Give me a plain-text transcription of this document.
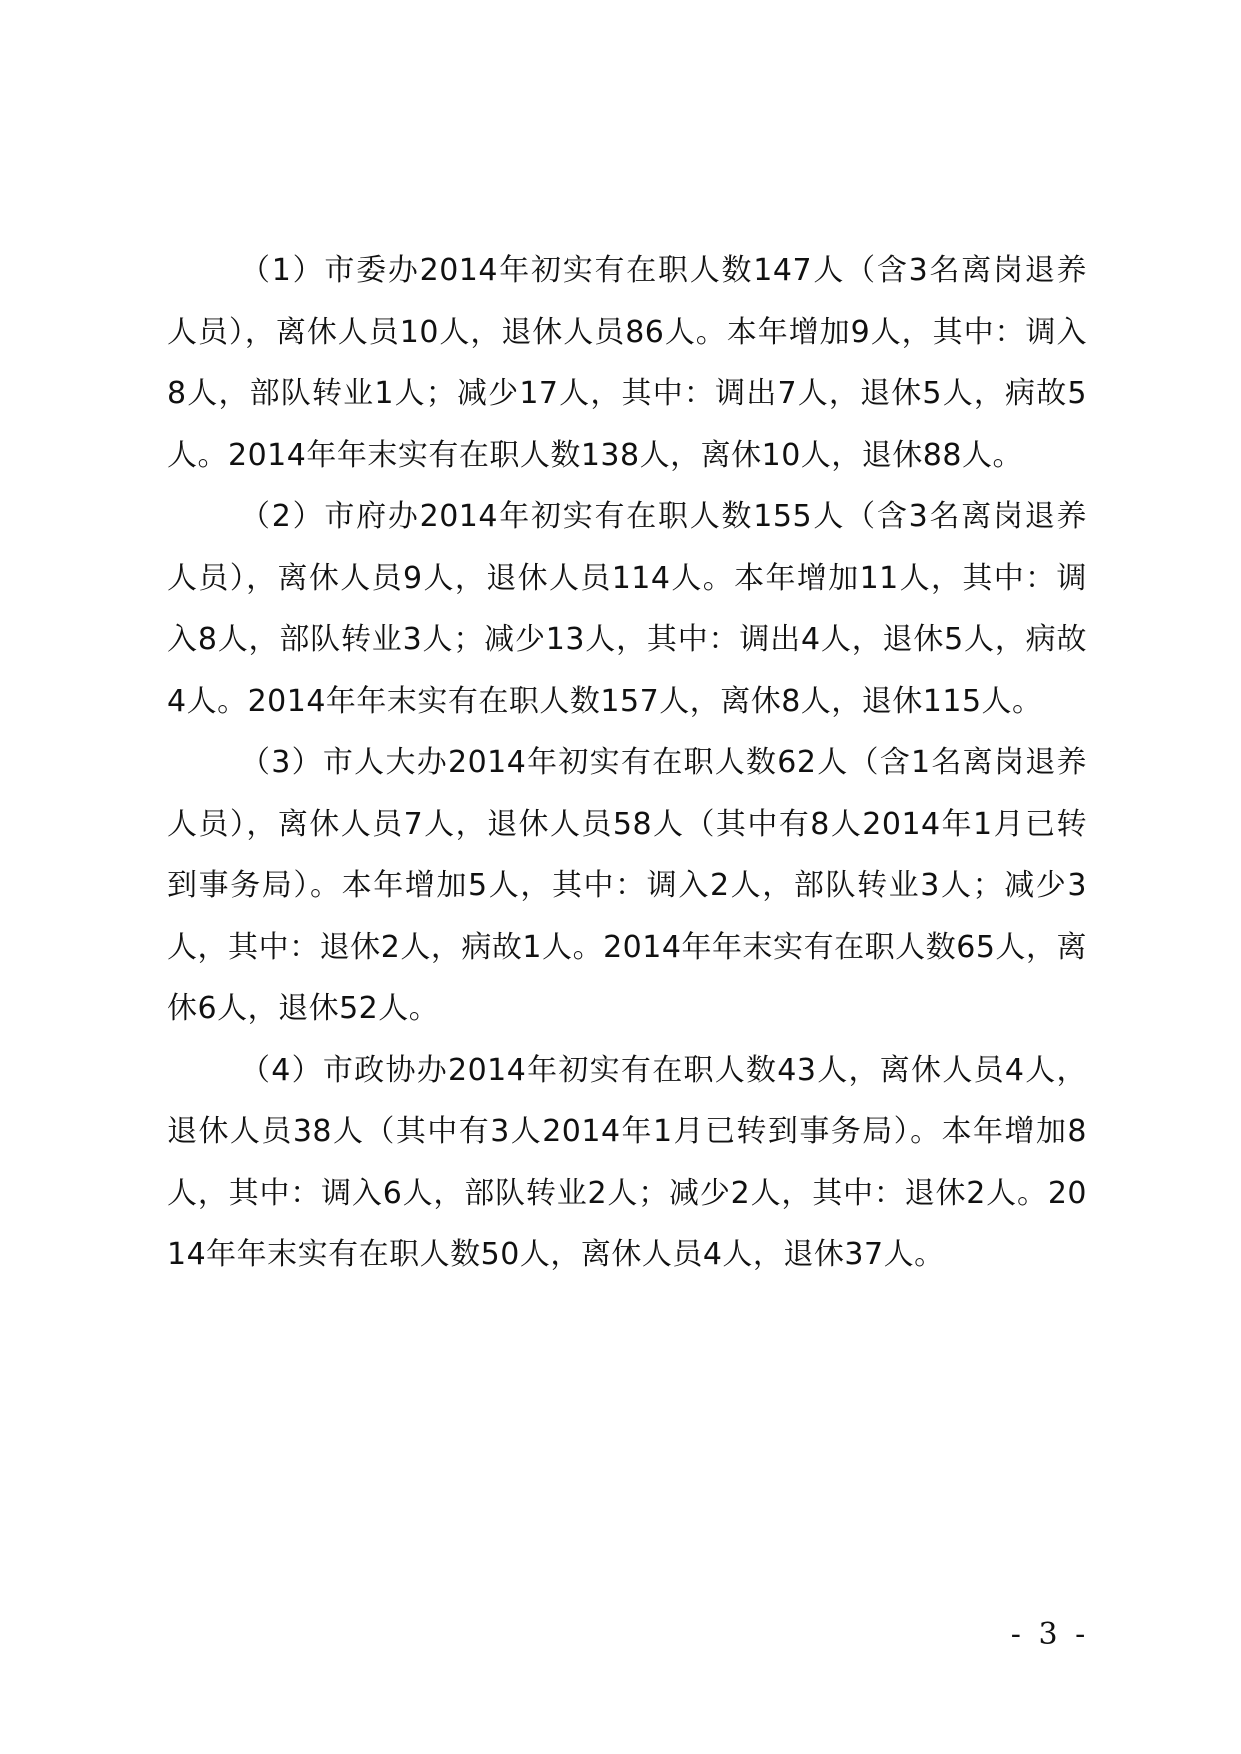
（1）市委办2014年初实有在职人数147人（含3名离岗退养人员），离休人员10人，退休人员86人。本年增加9人，其中：调入8人，部队转业1人；减少17人，其中：调出7人，退休5人，病故5人。2014年年末实有在职人数138人，离休10人，退休88人。

（2）市府办2014年初实有在职人数155人（含3名离岗退养人员），离休人员9人，退休人员114人。本年增加11人，其中：调入8人，部队转业3人；减少13人，其中：调出4人，退休5人，病故4人。2014年年末实有在职人数157人，离休8人，退休115人。

（3）市人大办2014年初实有在职人数62人（含1名离岗退养人员），离休人员7人，退休人员58人（其中有8人2014年1月已转到事务局）。本年增加5人，其中：调入2人，部队转业3人；减少3人，其中：退休2人，病故1人。2014年年末实有在职人数65人，离休6人，退休52人。

（4）市政协办2014年初实有在职人数43人，离休人员4人，退休人员38人（其中有3人2014年1月已转到事务局）。本年增加8人，其中：调入6人，部队转业2人；减少2人，其中：退休2人。2014年年末实有在职人数50人，离休人员4人，退休37人。

- 3 -
